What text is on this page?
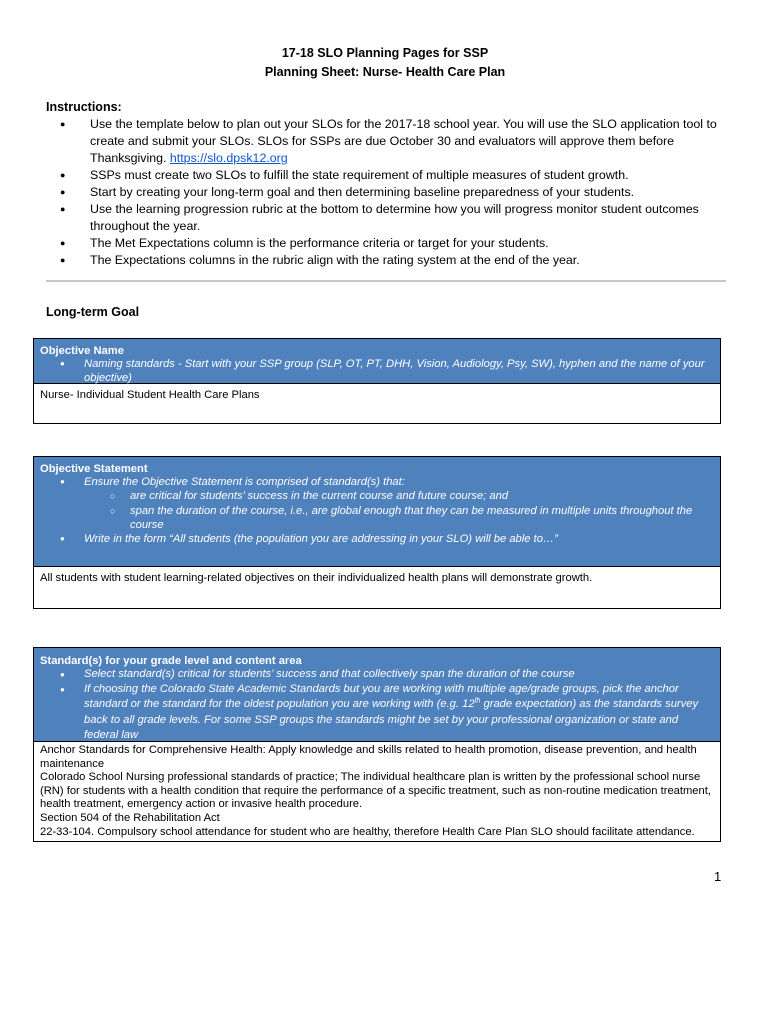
17-18 SLO Planning Pages for SSP
Planning Sheet: Nurse- Health Care Plan
Instructions:
● Use the template below to plan out your SLOs for the 2017-18 school year. You will use the SLO application tool to create and submit your SLOs. SLOs for SSPs are due October 30 and evaluators will approve them before Thanksgiving. https://slo.dpsk12.org
● SSPs must create two SLOs to fulfill the state requirement of multiple measures of student growth.
● Start by creating your long-term goal and then determining baseline preparedness of your students.
● Use the learning progression rubric at the bottom to determine how you will progress monitor student outcomes throughout the year.
● The Met Expectations column is the performance criteria or target for your students.
● The Expectations columns in the rubric align with the rating system at the end of the year.
Long-term Goal
Objective Name
● Naming standards - Start with your SSP group (SLP, OT, PT, DHH, Vision, Audiology, Psy, SW), hyphen and the name of your objective)
Nurse- Individual Student Health Care Plans
Objective Statement
● Ensure the Objective Statement is comprised of standard(s) that:
○ are critical for students’ success in the current course and future course; and
○ span the duration of the course, i.e., are global enough that they can be measured in multiple units throughout the course
● Write in the form “All students (the population you are addressing in your SLO) will be able to…”
All students with student learning-related objectives on their individualized health plans will demonstrate growth.
Standard(s) for your grade level and content area
● Select standard(s) critical for students’ success and that collectively span the duration of the course
● If choosing the Colorado State Academic Standards but you are working with multiple age/grade groups, pick the anchor standard or the standard for the oldest population you are working with (e.g. 12th grade expectation) as the standards survey back to all grade levels. For some SSP groups the standards might be set by your professional organization or state and federal law
Anchor Standards for Comprehensive Health: Apply knowledge and skills related to health promotion, disease prevention, and health maintenance
Colorado School Nursing professional standards of practice; The individual healthcare plan is written by the professional school nurse (RN) for students with a health condition that require the performance of a specific treatment, such as non-routine medication treatment, health treatment, emergency action or invasive health procedure.
Section 504 of the Rehabilitation Act
22-33-104. Compulsory school attendance for student who are healthy, therefore Health Care Plan SLO should facilitate attendance.
1
